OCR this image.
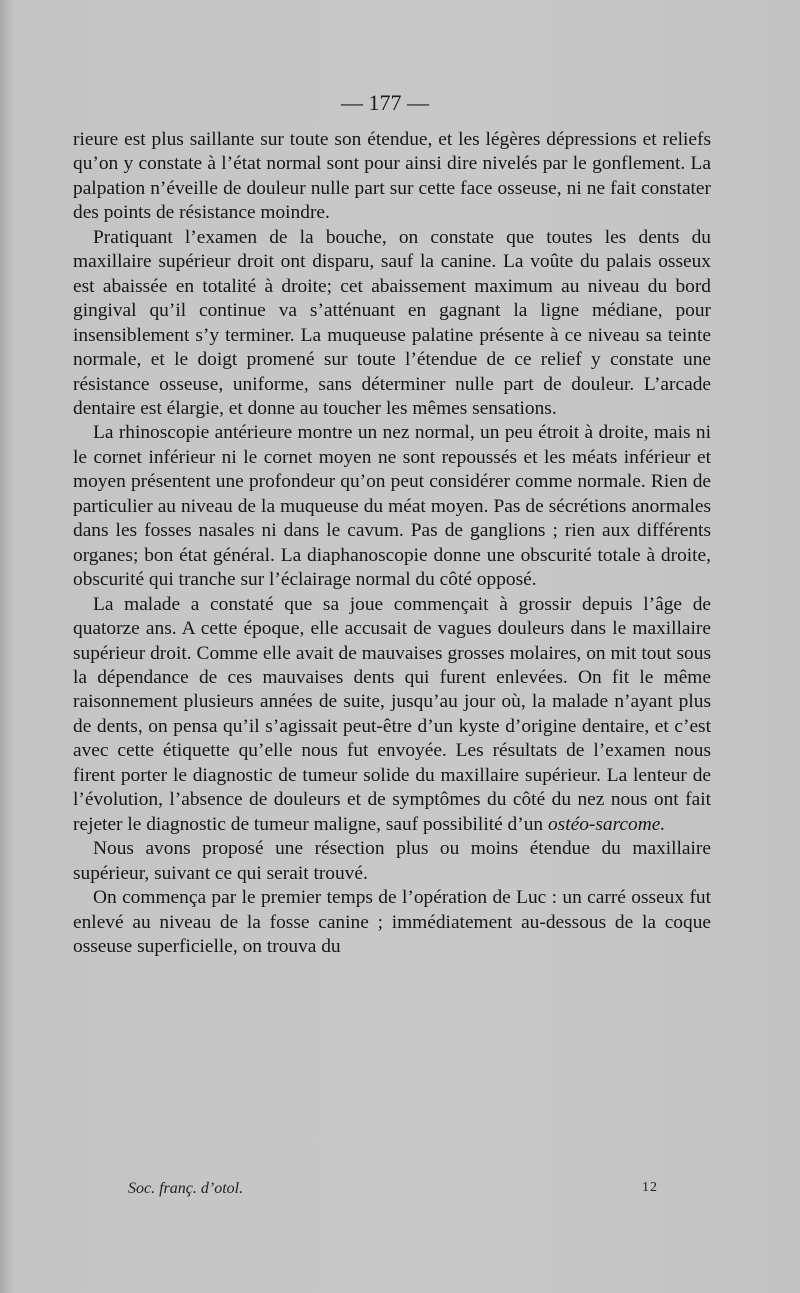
— 177 —

rieure est plus saillante sur toute son étendue, et les légères dépressions et reliefs qu’on y constate à l’état normal sont pour ainsi dire nivelés par le gonflement. La palpation n’éveille de douleur nulle part sur cette face osseuse, ni ne fait constater des points de résistance moindre.

Pratiquant l’examen de la bouche, on constate que toutes les dents du maxillaire supérieur droit ont disparu, sauf la canine. La voûte du palais osseux est abaissée en totalité à droite; cet abaissement maximum au niveau du bord gingival qu’il continue va s’atténuant en gagnant la ligne médiane, pour insensiblement s’y terminer. La muqueuse palatine présente à ce niveau sa teinte normale, et le doigt promené sur toute l’étendue de ce relief y constate une résistance osseuse, uniforme, sans déterminer nulle part de douleur. L’arcade dentaire est élargie, et donne au toucher les mêmes sensations.

La rhinoscopie antérieure montre un nez normal, un peu étroit à droite, mais ni le cornet inférieur ni le cornet moyen ne sont repoussés et les méats inférieur et moyen présentent une profondeur qu’on peut considérer comme normale. Rien de particulier au niveau de la muqueuse du méat moyen. Pas de sécrétions anormales dans les fosses nasales ni dans le cavum. Pas de ganglions ; rien aux différents organes; bon état général. La diaphanoscopie donne une obscurité totale à droite, obscurité qui tranche sur l’éclairage normal du côté opposé.

La malade a constaté que sa joue commençait à grossir depuis l’âge de quatorze ans. A cette époque, elle accusait de vagues douleurs dans le maxillaire supérieur droit. Comme elle avait de mauvaises grosses molaires, on mit tout sous la dépendance de ces mauvaises dents qui furent enlevées. On fit le même raisonnement plusieurs années de suite, jusqu’au jour où, la malade n’ayant plus de dents, on pensa qu’il s’agissait peut-être d’un kyste d’origine dentaire, et c’est avec cette étiquette qu’elle nous fut envoyée. Les résultats de l’examen nous firent porter le diagnostic de tumeur solide du maxillaire supérieur. La lenteur de l’évolution, l’absence de douleurs et de symptômes du côté du nez nous ont fait rejeter le diagnostic de tumeur maligne, sauf possibilité d’un ostéo-sarcome.

Nous avons proposé une résection plus ou moins étendue du maxillaire supérieur, suivant ce qui serait trouvé.

On commença par le premier temps de l’opération de Luc : un carré osseux fut enlevé au niveau de la fosse canine ; immédiatement au-dessous de la coque osseuse superficielle, on trouva du

Soc. franç. d’otol.	12
